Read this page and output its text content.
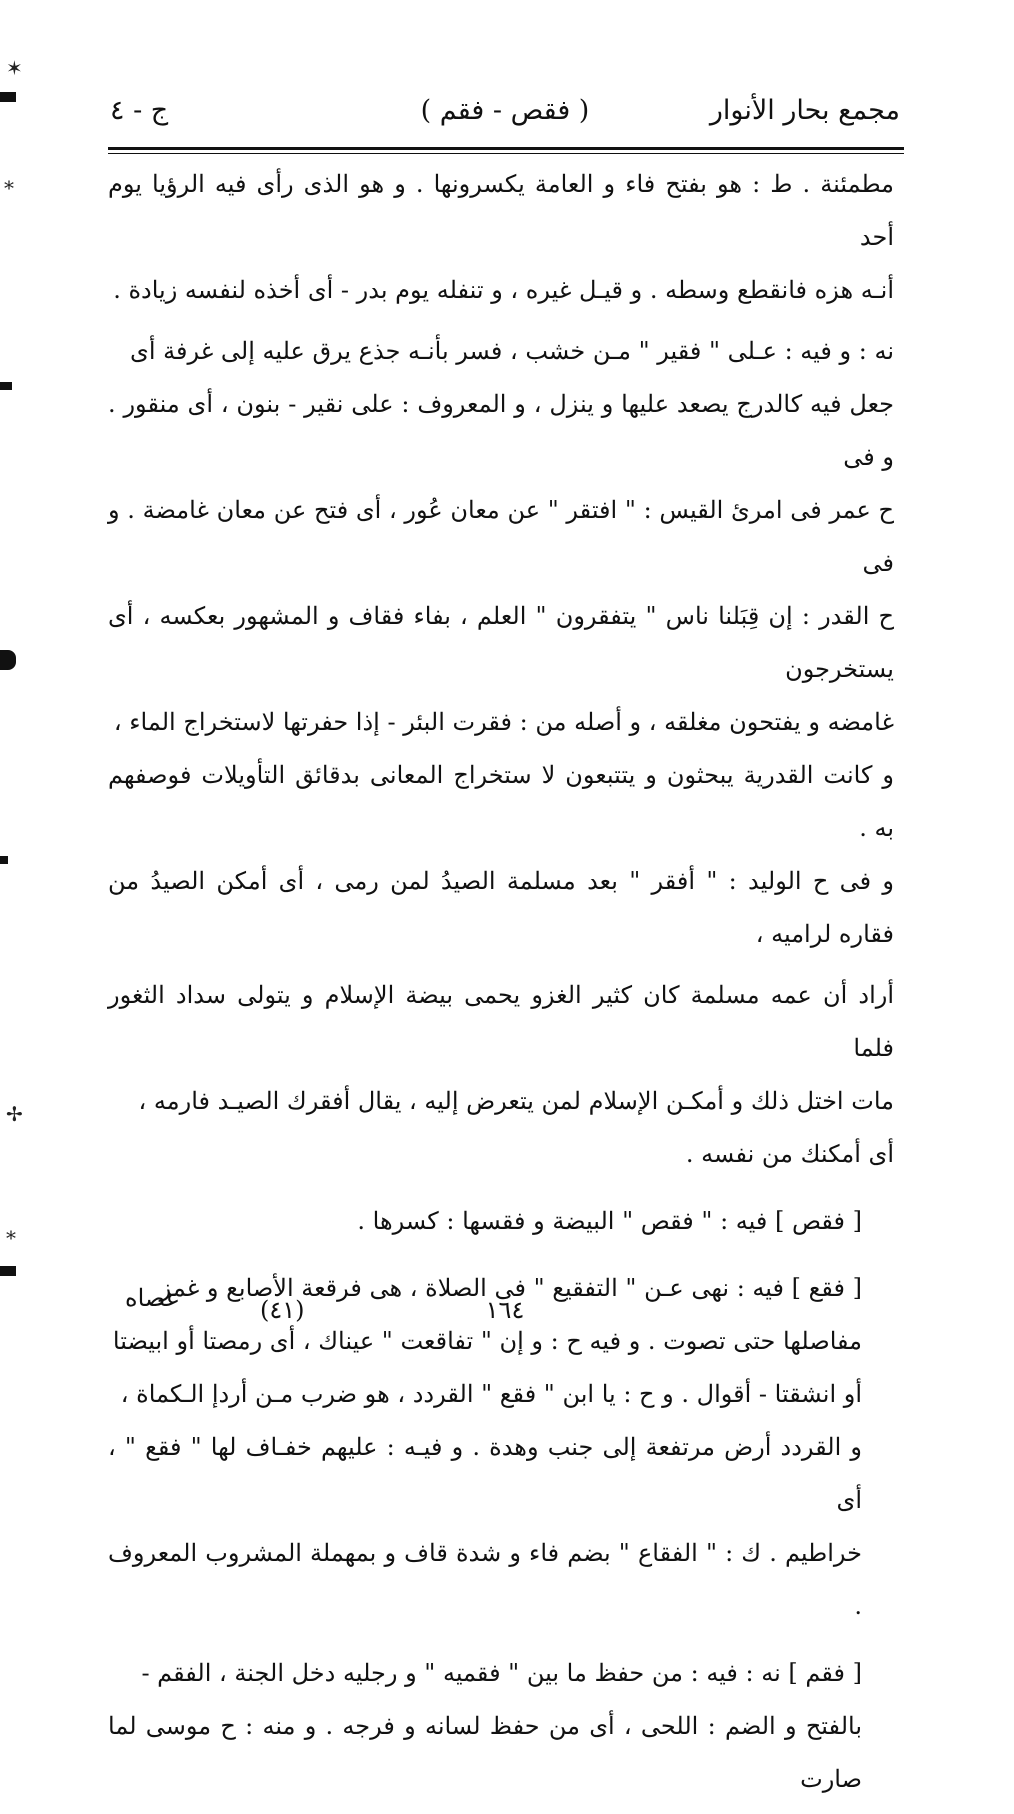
✶
⁎
✢
⁎
مجمع بحار الأنوار
( فقص - فقم )
ج - ٤
مطمئنة . ط : هو بفتح فاء و العامة يكسرونها . و هو الذى رأى فيه الرؤيا يوم أحد
أنـه هزه فانقطع وسطه . و قيـل غيره ، و تنفله يوم بدر - أى أخذه لنفسه زيادة .
نه : و فيه : عـلى " فقير " مـن خشب ، فسر بأنـه جذع يرق عليه إلى غرفة أى
جعل فيه كالدرج يصعد عليها و ينزل ، و المعروف : على نقير - بنون ، أى منقور . و فى
ح عمر فى امرئ القيس : " افتقر " عن معان عُور ، أى فتح عن معان غامضة . و فى
ح القدر : إن قِبَلنا ناس " يتفقرون " العلم ، بفاء فقاف و المشهور بعكسه ، أى يستخرجون
غامضه و يفتحون مغلقه ، و أصله من : فقرت البئر - إذا حفرتها لاستخراج الماء ،
و كانت القدرية يبحثون و يتتبعون لا ستخراج المعانى بدقائق التأويلات فوصفهم به .
و فى ح الوليد : " أفقر " بعد مسلمة الصيدُ لمن رمى ، أى أمكن الصيدُ من فقاره لراميه ،
أراد أن عمه مسلمة كان كثير الغزو يحمى بيضة الإسلام و يتولى سداد الثغور فلما
مات اختل ذلك و أمكـن الإسلام لمن يتعرض إليه ، يقال أفقرك الصيـد فارمه ،
أى أمكنك من نفسه .
[ فقص ] فيه : " فقص " البيضة و فقسها : كسرها .
[ فقع ] فيه : نهى عـن " التفقيع " فى الصلاة ، هى فرقعة الأصابع و غمز
مفاصلها حتى تصوت . و فيه ح : و إن " تفاقعت " عيناك ، أى رمصتا أو ابيضتا
أو انشقتا - أقوال . و ح : يا ابن " فقع " القردد ، هو ضرب مـن أردإ الـكماة ،
و القردد أرض مرتفعة إلى جنب وهدة . و فيـه : عليهم خفـاف لها " فقع " ، أى
خراطيم . ك : " الفقاع " بضم فاء و شدة قاف و بمهملة المشروب المعروف .
[ فقم ] نه : فيه : من حفظ ما بين " فقميه " و رجليه دخل الجنة ، الفقم -
بالفتح و الضم : اللحى ، أى من حفظ لسانه و فرجه . و منه : ح موسى لما صارت
١٦٤
(٤١)
عصاه
